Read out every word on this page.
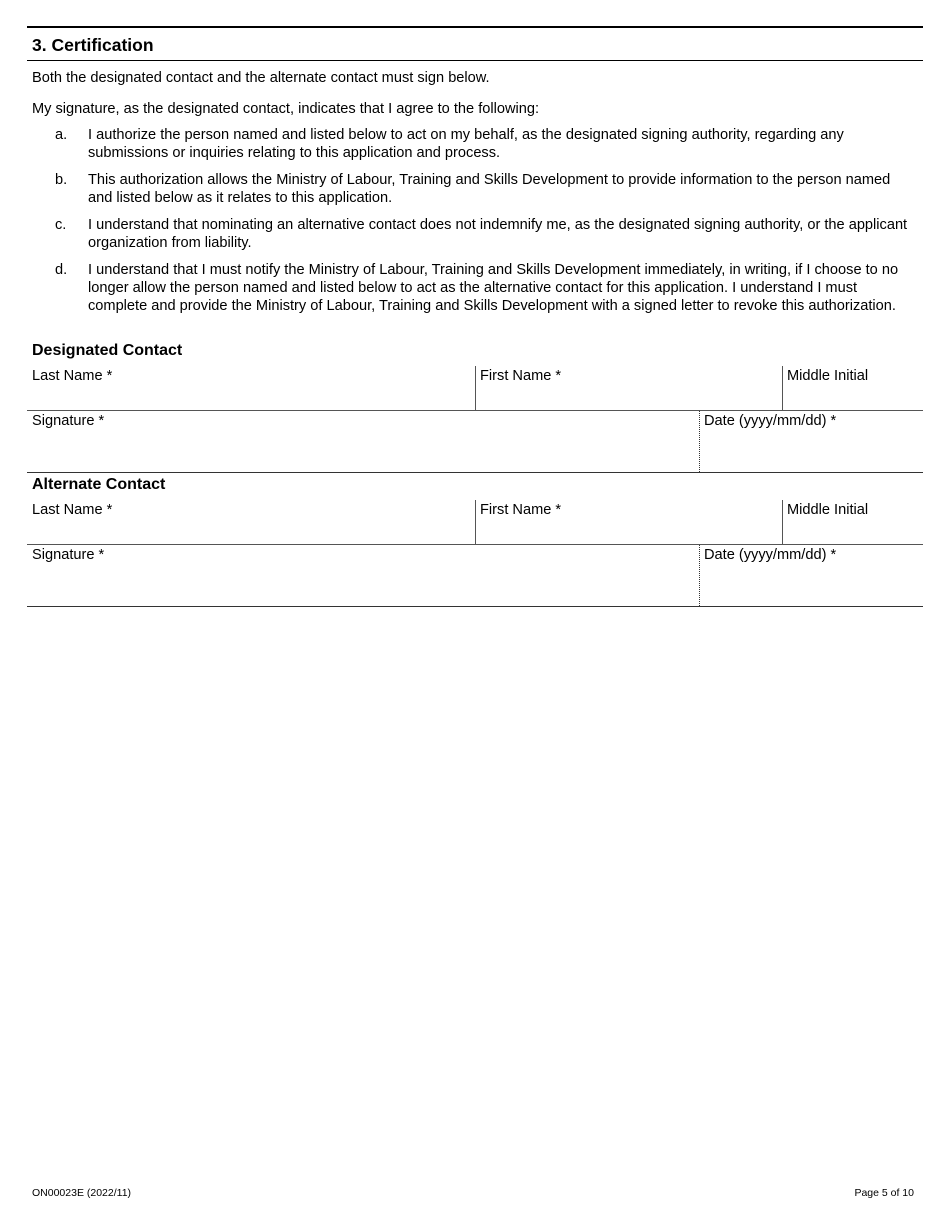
3. Certification

Both the designated contact and the alternate contact must sign below.

My signature, as the designated contact, indicates that I agree to the following:

a. I authorize the person named and listed below to act on my behalf, as the designated signing authority, regarding any submissions or inquiries relating to this application and process.
b. This authorization allows the Ministry of Labour, Training and Skills Development to provide information to the person named and listed below as it relates to this application.
c. I understand that nominating an alternative contact does not indemnify me, as the designated signing authority, or the applicant organization from liability.
d. I understand that I must notify the Ministry of Labour, Training and Skills Development immediately, in writing, if I choose to no longer allow the person named and listed below to act as the alternative contact for this application. I understand I must complete and provide the Ministry of Labour, Training and Skills Development with a signed letter to revoke this authorization.
Designated Contact
Last Name *	First Name *	Middle Initial
Signature *	Date (yyyy/mm/dd) *
Alternate Contact
Last Name *	First Name *	Middle Initial
Signature *	Date (yyyy/mm/dd) *
ON00023E (2022/11)	Page 5 of 10
